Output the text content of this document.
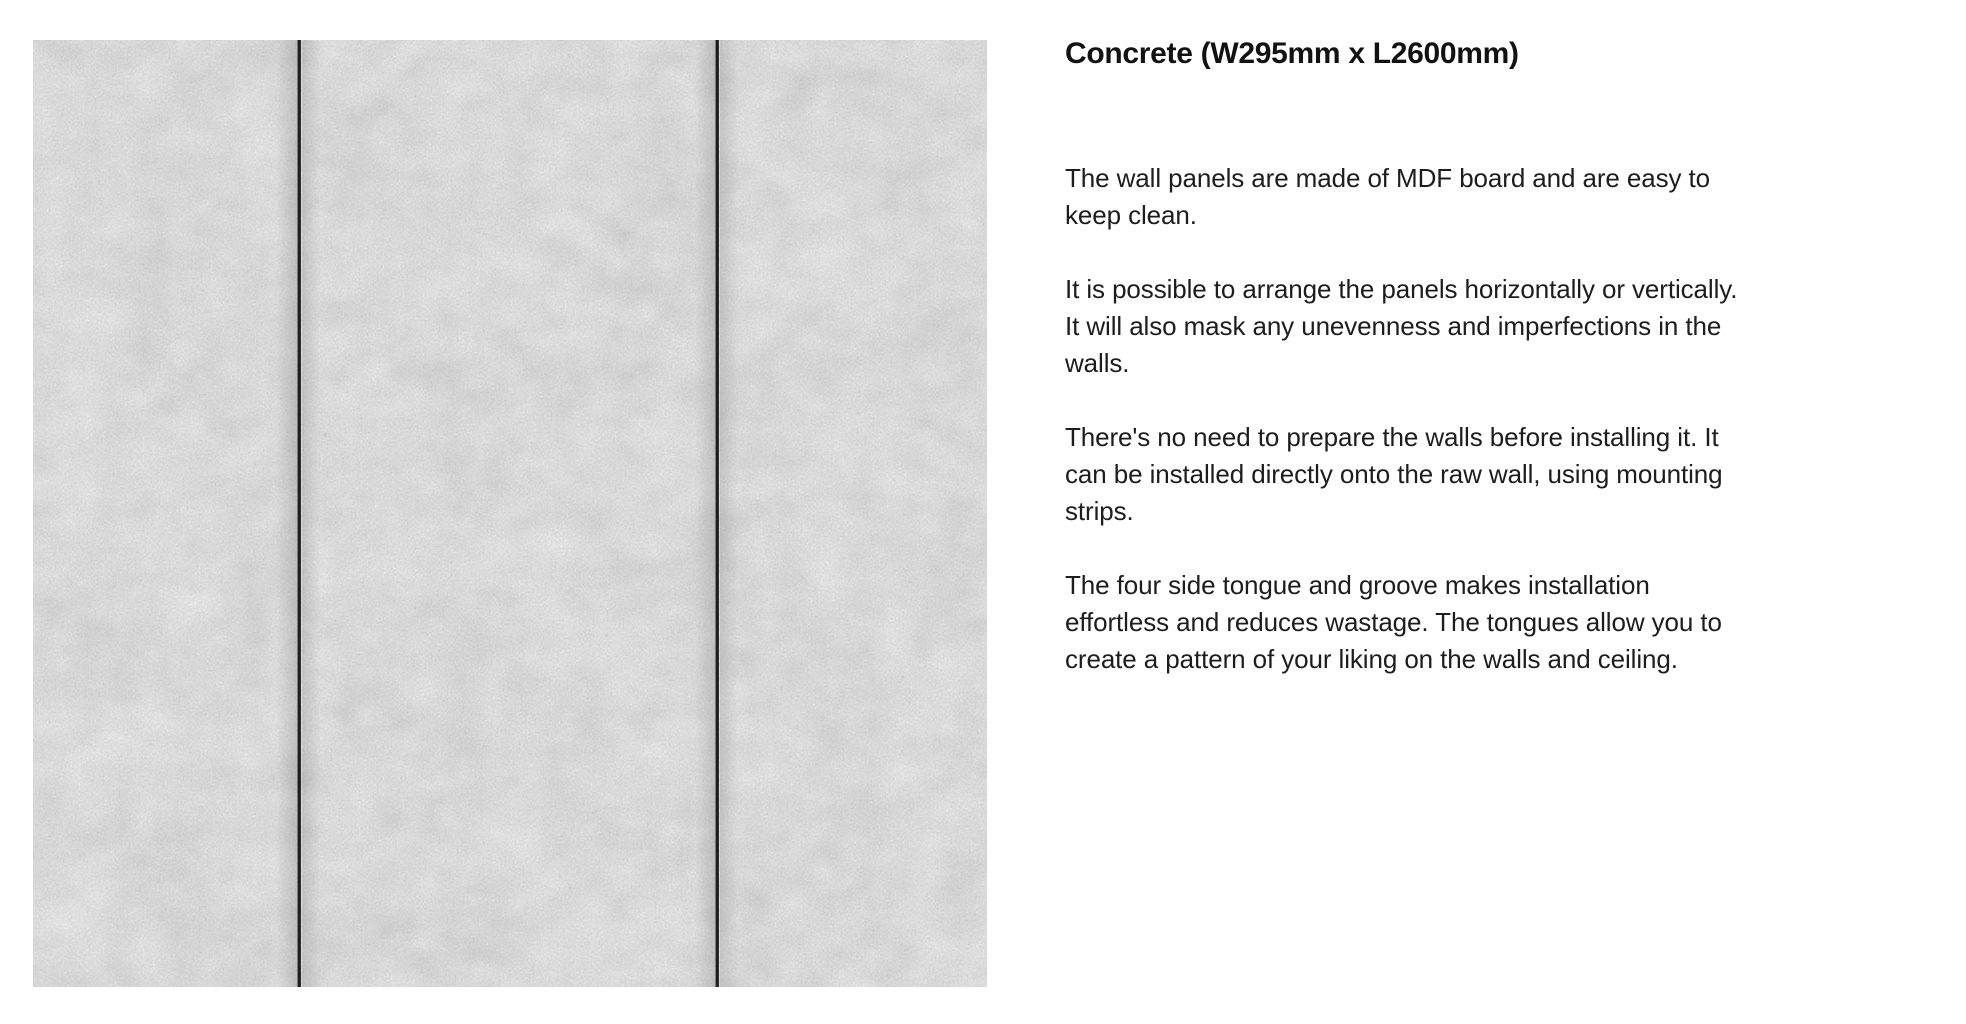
Concrete (W295mm x L2600mm)

The wall panels are made of MDF board and are easy to
keep clean.

It is possible to arrange the panels horizontally or vertically.
It will also mask any unevenness and imperfections in the
walls.

There's no need to prepare the walls before installing it. It
can be installed directly onto the raw wall, using mounting
strips.

The four side tongue and groove makes installation
effortless and reduces wastage. The tongues allow you to
create a pattern of your liking on the walls and ceiling.
